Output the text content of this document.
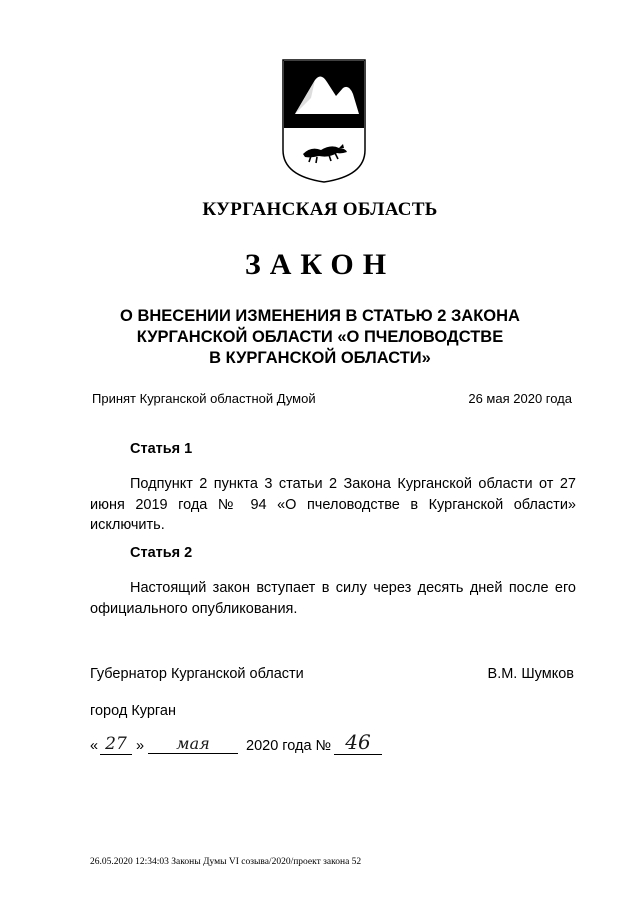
КУРГАНСКАЯ ОБЛАСТЬ
ЗАКОН
О ВНЕСЕНИИ ИЗМЕНЕНИЯ В СТАТЬЮ 2 ЗАКОНА
КУРГАНСКОЙ ОБЛАСТИ «О ПЧЕЛОВОДСТВЕ
В КУРГАНСКОЙ ОБЛАСТИ»
Принят Курганской областной Думой	26 мая 2020 года
Статья 1
Подпункт 2 пункта 3 статьи 2 Закона Курганской области от 27 июня 2019 года № 94 «О пчеловодстве в Курганской области» исключить.
Статья 2
Настоящий закон вступает в силу через десять дней после его официального опубликования.
Губернатор Курганской области	В.М. Шумков
город Курган
« 27 »	мая	2020 года № 46
26.05.2020 12:34:03 Законы Думы VI созыва/2020/проект закона 52
